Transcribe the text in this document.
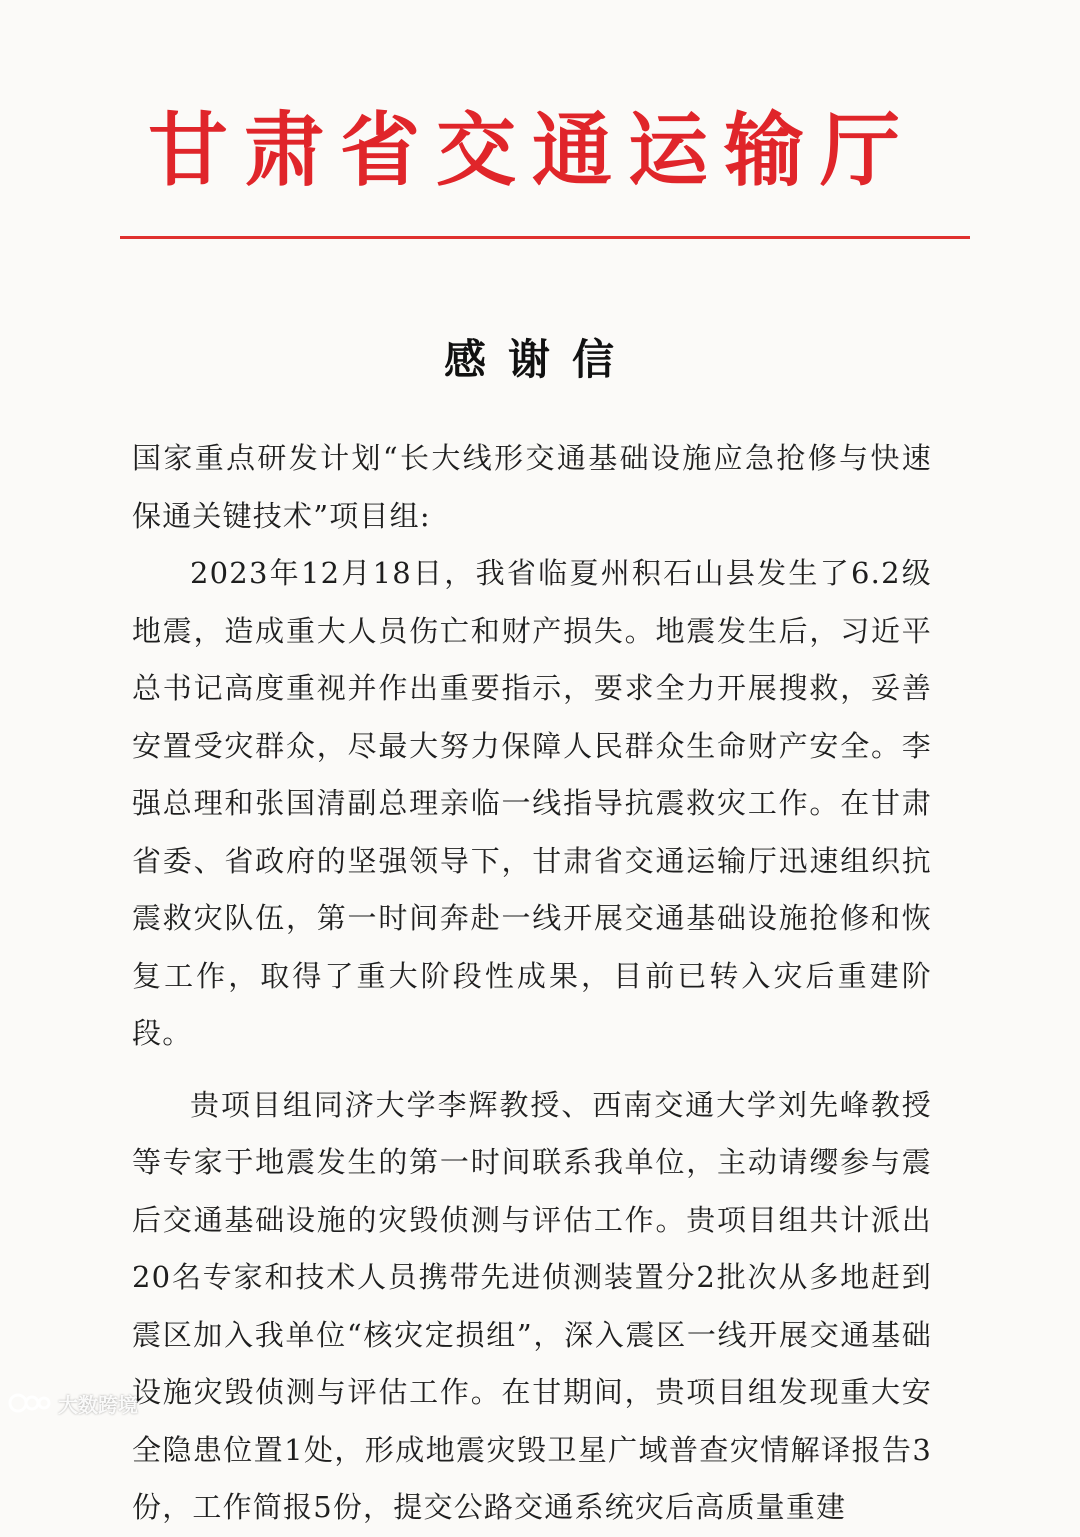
甘肃省交通运输厅
感谢信

国家重点研发计划“长大线形交通基础设施应急抢修与快速保通关键技术”项目组:

2023年12月18日，我省临夏州积石山县发生了6.2级地震，造成重大人员伤亡和财产损失。地震发生后，习近平总书记高度重视并作出重要指示，要求全力开展搜救，妥善安置受灾群众，尽最大努力保障人民群众生命财产安全。李强总理和张国清副总理亲临一线指导抗震救灾工作。在甘肃省委、省政府的坚强领导下，甘肃省交通运输厅迅速组织抗震救灾队伍，第一时间奔赴一线开展交通基础设施抢修和恢复工作，取得了重大阶段性成果，目前已转入灾后重建阶段。

贵项目组同济大学李辉教授、西南交通大学刘先峰教授等专家于地震发生的第一时间联系我单位，主动请缨参与震后交通基础设施的灾毁侦测与评估工作。贵项目组共计派出20名专家和技术人员携带先进侦测装置分2批次从多地赶到震区加入我单位“核灾定损组”，深入震区一线开展交通基础设施灾毁侦测与评估工作。在甘期间，贵项目组发现重大安全隐患位置1处，形成地震灾毁卫星广域普查灾情解译报告3份，工作简报5份，提交公路交通系统灾后高质量重建

大数跨境
